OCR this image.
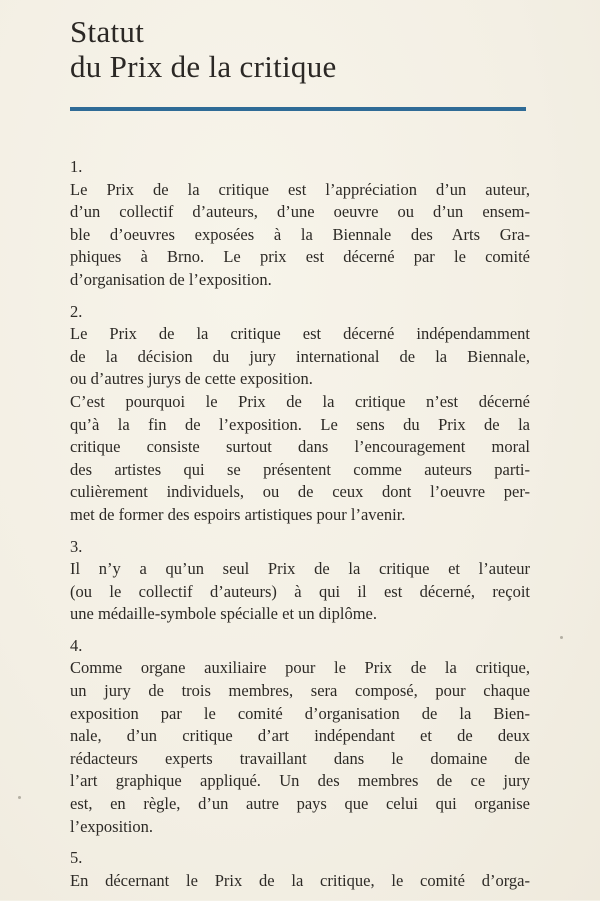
Statut
du Prix de la critique
1.
Le Prix de la critique est l’appréciation d’un auteur,
d’un collectif d’auteurs, d’une oeuvre ou d’un ensem-
ble d’oeuvres exposées à la Biennale des Arts Gra-
phiques à Brno. Le prix est décerné par le comité
d’organisation de l’exposition.
2.
Le Prix de la critique est décerné indépendamment
de la décision du jury international de la Biennale,
ou d’autres jurys de cette exposition.
C’est pourquoi le Prix de la critique n’est décerné
qu’à la fin de l’exposition. Le sens du Prix de la
critique consiste surtout dans l’encouragement moral
des artistes qui se présentent comme auteurs parti-
culièrement individuels, ou de ceux dont l’oeuvre per-
met de former des espoirs artistiques pour l’avenir.
3.
Il n’y a qu’un seul Prix de la critique et l’auteur
(ou le collectif d’auteurs) à qui il est décerné, reçoit
une médaille-symbole spécialle et un diplôme.
4.
Comme organe auxiliaire pour le Prix de la critique,
un jury de trois membres, sera composé, pour chaque
exposition par le comité d’organisation de la Bien-
nale, d’un critique d’art indépendant et de deux
rédacteurs experts travaillant dans le domaine de
l’art graphique appliqué. Un des membres de ce jury
est, en règle, d’un autre pays que celui qui organise
l’exposition.
5.
En décernant le Prix de la critique, le comité d’orga-
